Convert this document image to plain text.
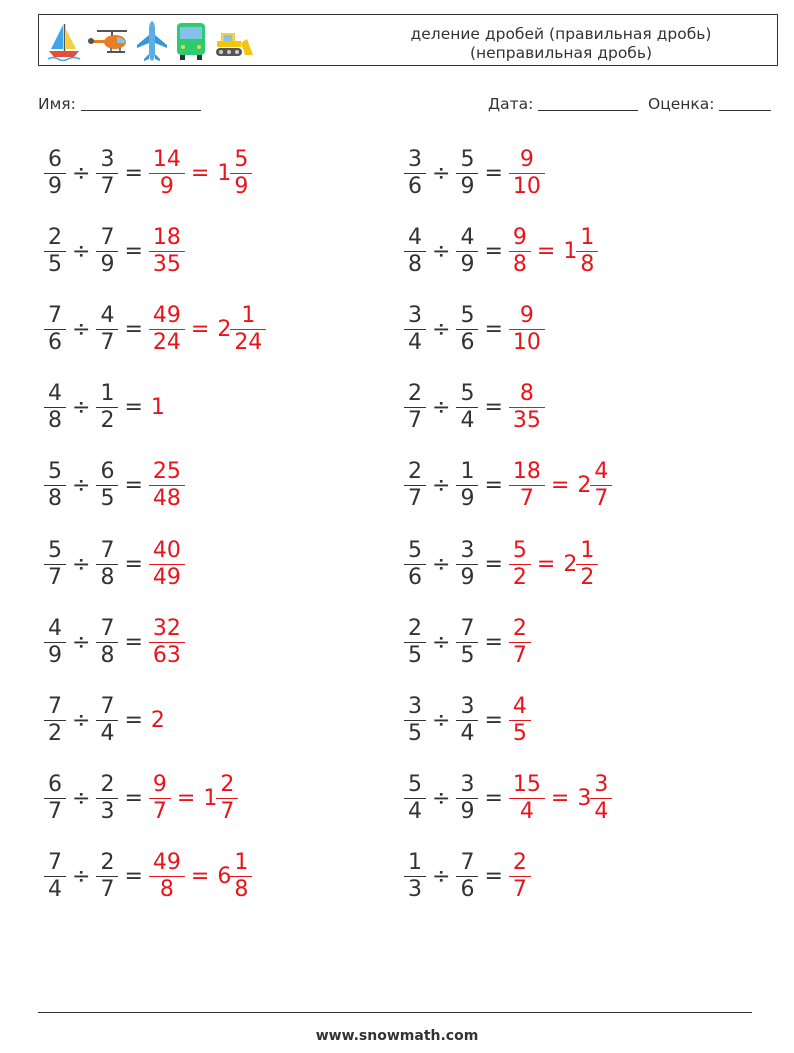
деление дробей (правильная дробь)
(неправильная дробь)
Имя:	Дата:	Оценка:
$\frac{6}{9} \div \frac{3}{7} = \frac{14}{9} = 1 \frac{5}{9}$	$\frac{3}{6} \div \frac{5}{9} = \frac{9}{10}$
$\frac{2}{5} \div \frac{7}{9} = \frac{18}{35}$	$\frac{4}{8} \div \frac{4}{9} = \frac{9}{8} = 1 \frac{1}{8}$
$\frac{7}{6} \div \frac{4}{7} = \frac{49}{24} = 2 \frac{1}{24}$	$\frac{3}{4} \div \frac{5}{6} = \frac{9}{10}$
$\frac{4}{8} \div \frac{1}{2} = 1$	$\frac{2}{7} \div \frac{5}{4} = \frac{8}{35}$
$\frac{5}{8} \div \frac{6}{5} = \frac{25}{48}$	$\frac{2}{7} \div \frac{1}{9} = \frac{18}{7} = 2 \frac{4}{7}$
$\frac{5}{7} \div \frac{7}{8} = \frac{40}{49}$	$\frac{5}{6} \div \frac{3}{9} = \frac{5}{2} = 2 \frac{1}{2}$
$\frac{4}{9} \div \frac{7}{8} = \frac{32}{63}$	$\frac{2}{5} \div \frac{7}{5} = \frac{2}{7}$
$\frac{7}{2} \div \frac{7}{4} = 2$	$\frac{3}{5} \div \frac{3}{4} = \frac{4}{5}$
$\frac{6}{7} \div \frac{2}{3} = \frac{9}{7} = 1 \frac{2}{7}$	$\frac{5}{4} \div \frac{3}{9} = \frac{15}{4} = 3 \frac{3}{4}$
$\frac{7}{4} \div \frac{2}{7} = \frac{49}{8} = 6 \frac{1}{8}$	$\frac{1}{3} \div \frac{7}{6} = \frac{2}{7}$
www.snowmath.com
